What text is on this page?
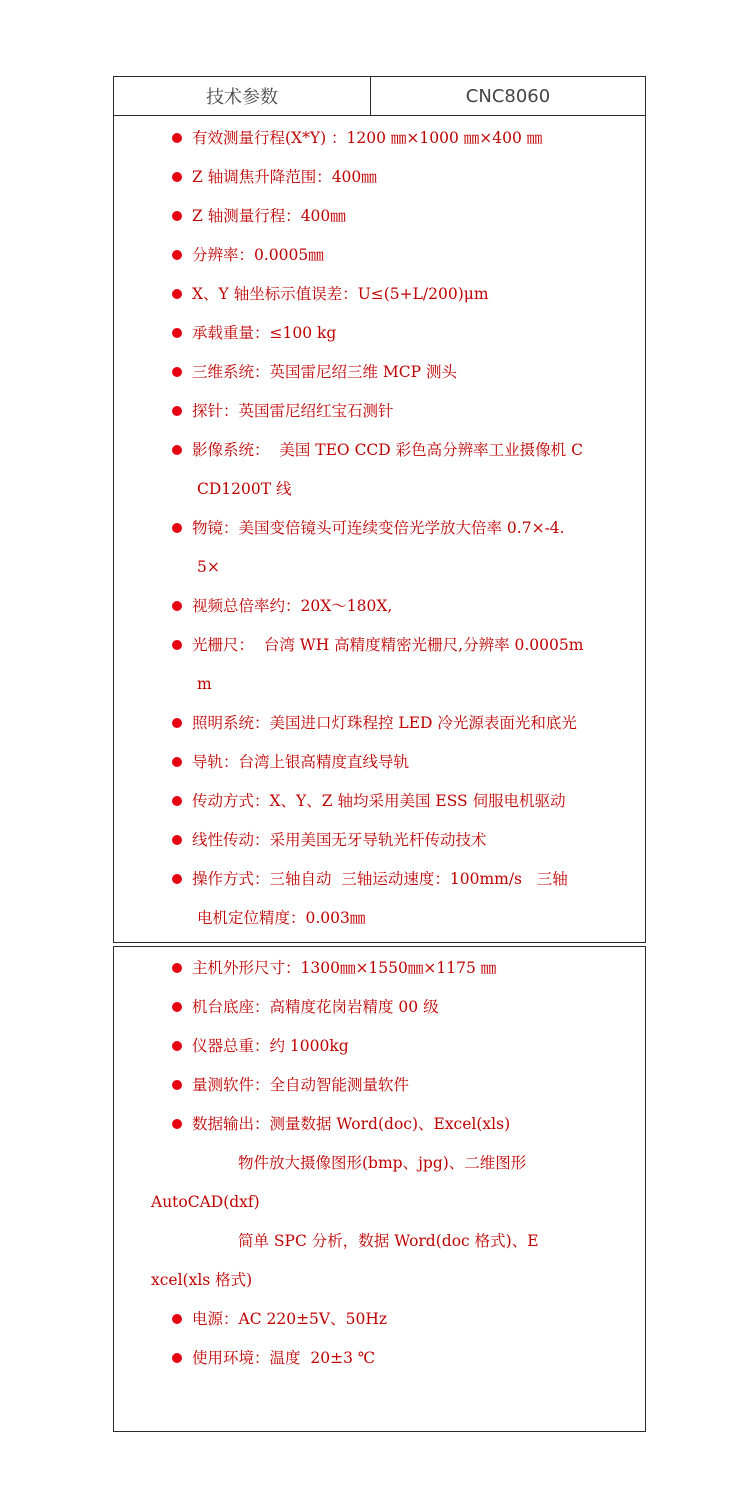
技术参数	CNC8060
有效测量行程(X*Y) ：1200 ㎜×1000 ㎜×400 ㎜
Z 轴调焦升降范围：400㎜
Z 轴测量行程：400㎜
分辨率：0.0005㎜
X、Y 轴坐标示值误差：U≤(5+L/200)μm
承载重量：≤100 kg
三维系统：英国雷尼绍三维 MCP 测头
探针：英国雷尼绍红宝石测针
影像系统：  美国 TEO CCD 彩色高分辨率工业摄像机 C
CD1200T 线
物镜：美国变倍镜头可连续变倍光学放大倍率 0.7×-4.
5×
视频总倍率约：20X～180X,
光栅尺：  台湾 WH 高精度精密光栅尺,分辨率 0.0005m
m
照明系统：美国进口灯珠程控 LED 冷光源表面光和底光
导轨：台湾上银高精度直线导轨
传动方式：X、Y、Z 轴均采用美国 ESS 伺服电机驱动
线性传动：采用美国无牙导轨光杆传动技术
操作方式：三轴自动  三轴运动速度：100mm/s   三轴
电机定位精度：0.003㎜
主机外形尺寸：1300㎜×1550㎜×1175 ㎜
机台底座：高精度花岗岩精度 00 级
仪器总重：约 1000kg
量测软件：全自动智能测量软件
数据输出：测量数据 Word(doc)、Excel(xls)
物件放大摄像图形(bmp、jpg)、二维图形
AutoCAD(dxf)
简单 SPC 分析，数据 Word(doc 格式)、E
xcel(xls 格式)
电源：AC 220±5V、50Hz
使用环境：温度  20±3 ℃
